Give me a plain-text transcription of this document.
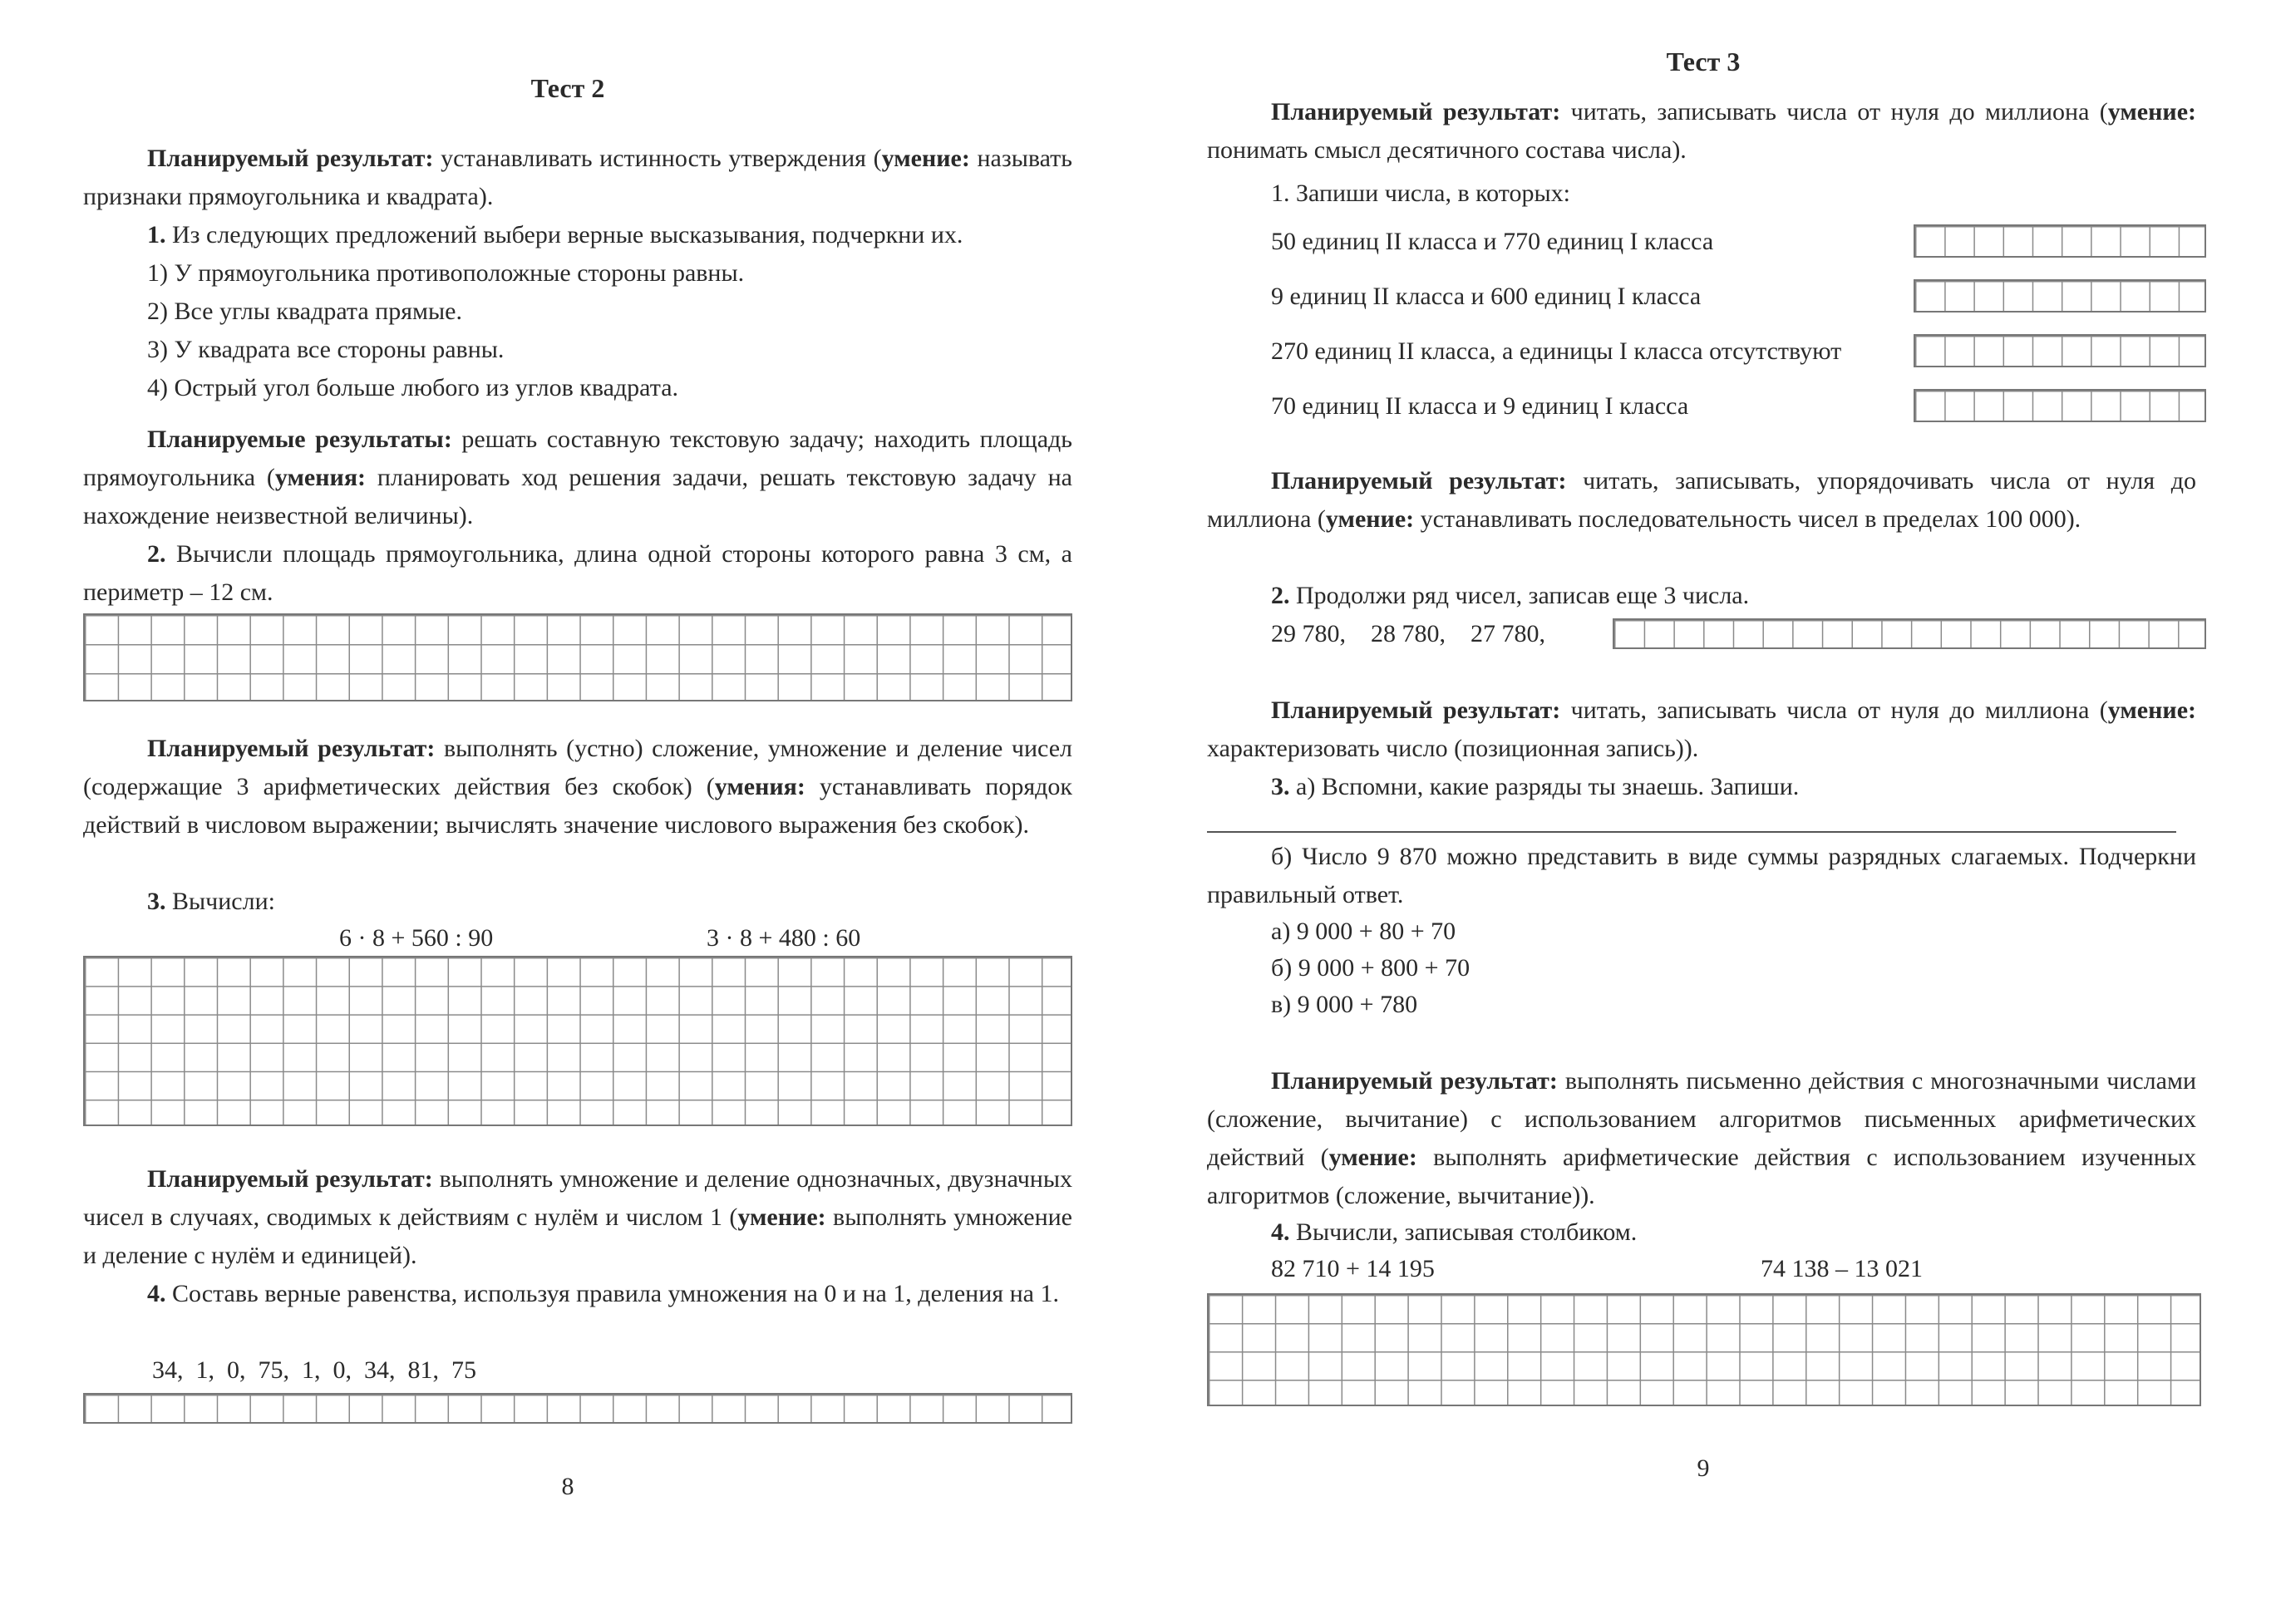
Тест 2
Планируемый результат: устанавливать истинность утверждения (умение: называть признаки прямоугольника и квадрата).
1. Из следующих предложений выбери верные высказывания, подчеркни их.
1) У прямоугольника противоположные стороны равны.
2) Все углы квадрата прямые.
3) У квадрата все стороны равны.
4) Острый угол больше любого из углов квадрата.
Планируемые результаты: решать составную текстовую задачу; находить площадь прямоугольника (умения: планировать ход решения задачи, решать текстовую задачу на нахождение неизвестной величины).
2. Вычисли площадь прямоугольника, длина одной стороны которого равна 3 см, а периметр – 12 см.
Планируемый результат: выполнять (устно) сложение, умножение и деление чисел (содержащие 3 арифметических действия без скобок) (умения: устанавливать порядок действий в числовом выражении; вычислять значение числового выражения без скобок).
3. Вычисли:
6 · 8 + 560 : 90	3 · 8 + 480 : 60
Планируемый результат: выполнять умножение и деление однозначных, двузначных чисел в случаях, сводимых к действиям с нулём и числом 1 (умение: выполнять умножение и деление с нулём и единицей).
4. Составь верные равенства, используя правила умножения на 0 и на 1, деления на 1.
34,  1,  0,  75,  1,  0,  34,  81,  75
8
Тест 3
Планируемый результат: читать, записывать числа от нуля до миллиона (умение: понимать смысл десятичного состава числа).
1. Запиши числа, в которых:
50 единиц II класса и 770 единиц I класса
9 единиц II класса и 600 единиц I класса
270 единиц II класса, а единицы I класса отсутствуют
70 единиц II класса и 9 единиц I класса
Планируемый результат: читать, записывать, упорядочивать числа от нуля до миллиона (умение: устанавливать последовательность чисел в пределах 100 000).
2. Продолжи ряд чисел, записав еще 3 числа.
29 780,    28 780,    27 780,
Планируемый результат: читать, записывать числа от нуля до миллиона (умение: характеризовать число (позиционная запись)).
3. а) Вспомни, какие разряды ты знаешь. Запиши.
б) Число 9 870 можно представить в виде суммы разрядных слагаемых. Подчеркни правильный ответ.
а) 9 000 + 80 + 70
б) 9 000 + 800 + 70
в) 9 000 + 780
Планируемый результат: выполнять письменно действия с многозначными числами (сложение, вычитание) с использованием алгоритмов письменных арифметических действий (умение: выполнять арифметические действия с использованием изученных алгоритмов (сложение, вычитание)).
4. Вычисли, записывая столбиком.
82 710 + 14 195	74 138 – 13 021
9
